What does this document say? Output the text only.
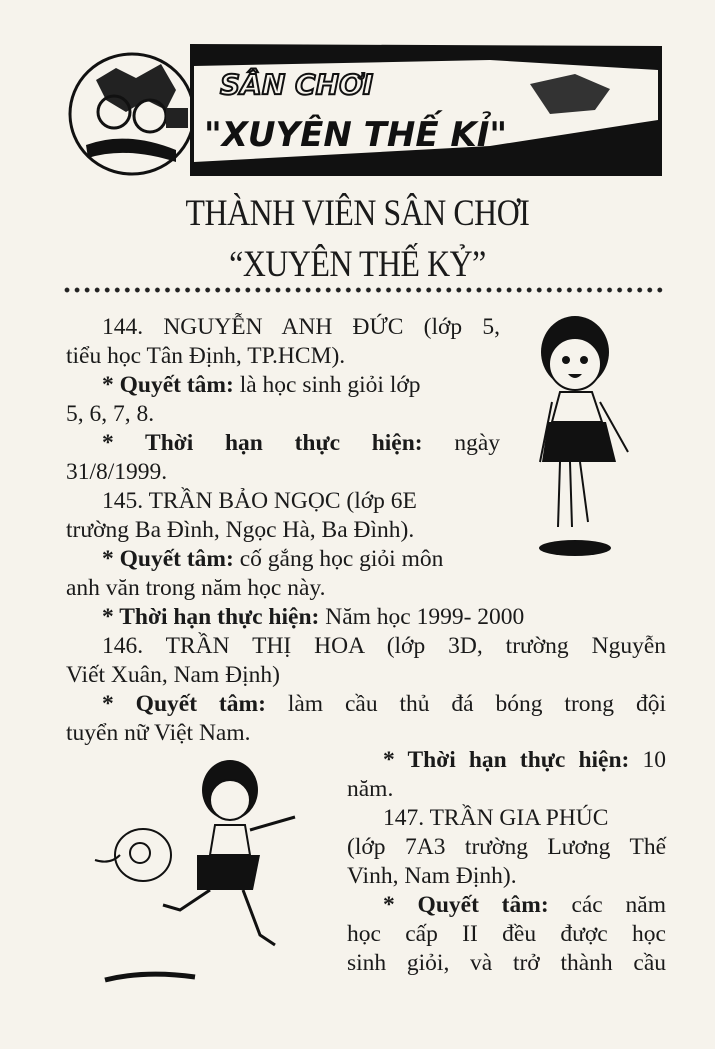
SÂN CHƠI
"XUYÊN THẾ KỈ"
THÀNH VIÊN SÂN CHƠI
“XUYÊN THẾ KỶ”
144. NGUYỄN ANH ĐỨC (lớp 5,
tiểu học Tân Định, TP.HCM).
* Quyết tâm: là học sinh giỏi lớp
5, 6, 7, 8.
* Thời hạn thực hiện: ngày
31/8/1999.
145. TRẦN BẢO NGỌC (lớp 6E
trường Ba Đình, Ngọc Hà, Ba Đình).
* Quyết tâm: cố gắng học giỏi môn
anh văn trong năm học này.
* Thời hạn thực hiện: Năm học 1999- 2000
146. TRẦN THỊ HOA (lớp 3D, trường Nguyễn
Viết Xuân, Nam Định)
* Quyết tâm: làm cầu thủ đá bóng trong đội
tuyển nữ Việt Nam.
* Thời hạn thực hiện: 10
năm.
147. TRẦN GIA PHÚC
(lớp 7A3 trường Lương Thế
Vinh, Nam Định).
* Quyết tâm: các năm
học cấp II đều được học
sinh giỏi, và trở thành cầu
